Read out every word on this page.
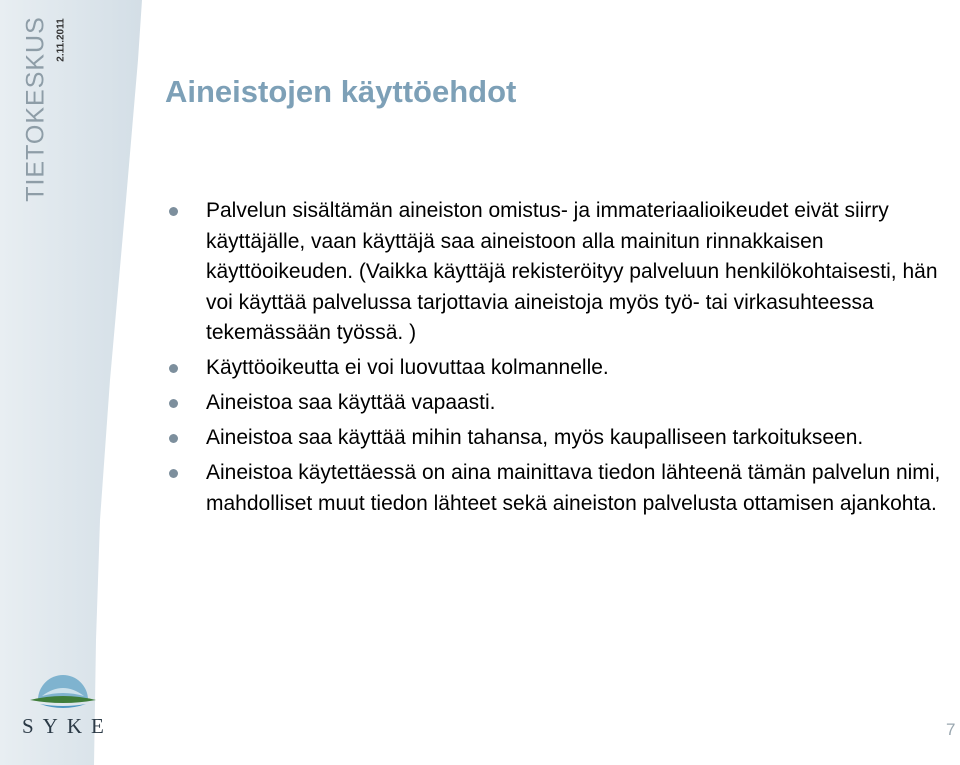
TIETOKESKUS 2.11.2011
SYKE
Aineistojen käyttöehdot
Palvelun sisältämän aineiston omistus- ja immateriaalioikeudet eivät siirry käyttäjälle, vaan käyttäjä saa aineistoon alla mainitun rinnakkaisen käyttöoikeuden. (Vaikka käyttäjä rekisteröityy palveluun henkilökohtaisesti, hän voi käyttää palvelussa tarjottavia aineistoja myös työ- tai virkasuhteessa tekemässään työssä. )
Käyttöoikeutta ei voi luovuttaa kolmannelle.
Aineistoa saa käyttää vapaasti.
Aineistoa saa käyttää mihin tahansa, myös kaupalliseen tarkoitukseen.
Aineistoa käytettäessä on aina mainittava tiedon lähteenä tämän palvelun nimi, mahdolliset muut tiedon lähteet sekä aineiston palvelusta ottamisen ajankohta.
7
